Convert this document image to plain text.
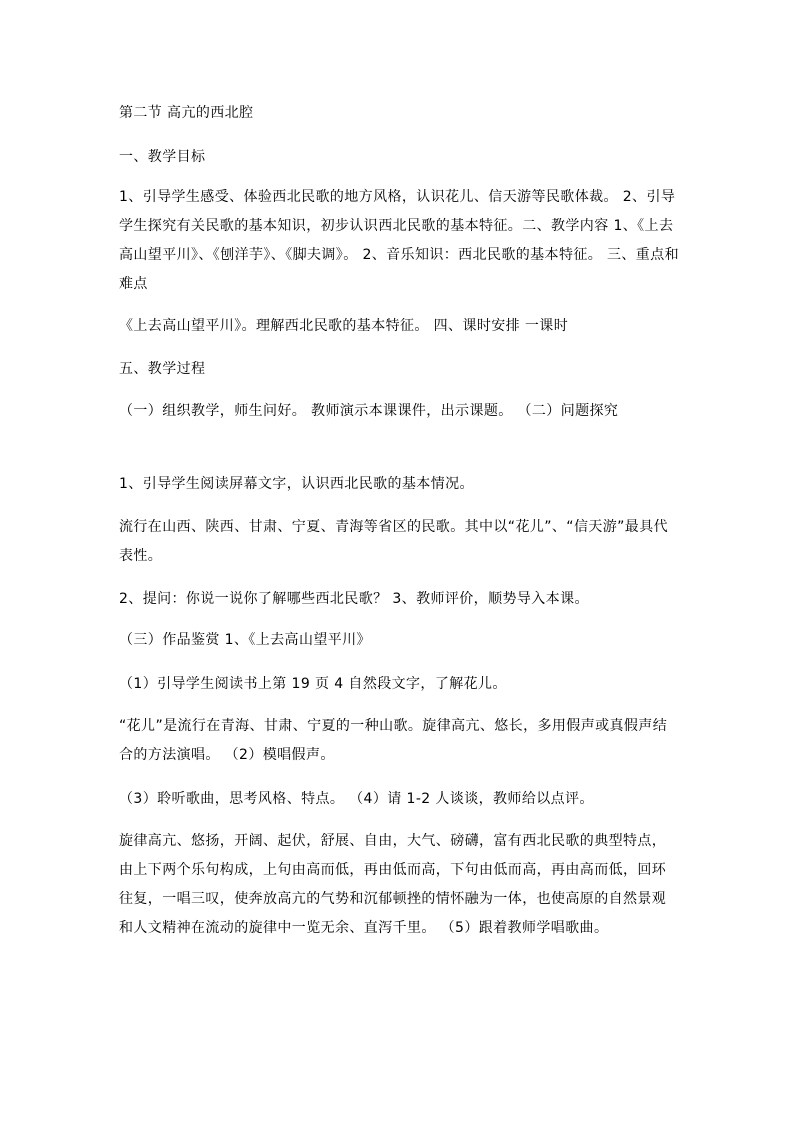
第二节 高亢的西北腔
一、教学目标
1、引导学生感受、体验西北民歌的地方风格，认识花儿、信天游等民歌体裁。 2、引导学生探究有关民歌的基本知识，初步认识西北民歌的基本特征。二、教学内容 1、《上去高山望平川》、《刨洋芋》、《脚夫调》。 2、音乐知识：西北民歌的基本特征。 三、重点和难点
《上去高山望平川》。理解西北民歌的基本特征。 四、课时安排 一课时
五、教学过程
（一）组织教学，师生问好。 教师演示本课课件，出示课题。 （二）问题探究
1、引导学生阅读屏幕文字，认识西北民歌的基本情况。
流行在山西、陕西、甘肃、宁夏、青海等省区的民歌。其中以“花儿”、“信天游”最具代表性。
2、提问：你说一说你了解哪些西北民歌？ 3、教师评价，顺势导入本课。
（三）作品鉴赏 1、《上去高山望平川》
（1）引导学生阅读书上第 19 页 4 自然段文字，了解花儿。
“花儿”是流行在青海、甘肃、宁夏的一种山歌。旋律高亢、悠长，多用假声或真假声结合的方法演唱。 （2）模唱假声。
（3）聆听歌曲，思考风格、特点。 （4）请 1-2 人谈谈，教师给以点评。
旋律高亢、悠扬，开阔、起伏，舒展、自由，大气、磅礴，富有西北民歌的典型特点，由上下两个乐句构成，上句由高而低，再由低而高，下句由低而高，再由高而低，回环往复，一唱三叹，使奔放高亢的气势和沉郁顿挫的情怀融为一体，也使高原的自然景观和人文精神在流动的旋律中一览无余、直泻千里。 （5）跟着教师学唱歌曲。
